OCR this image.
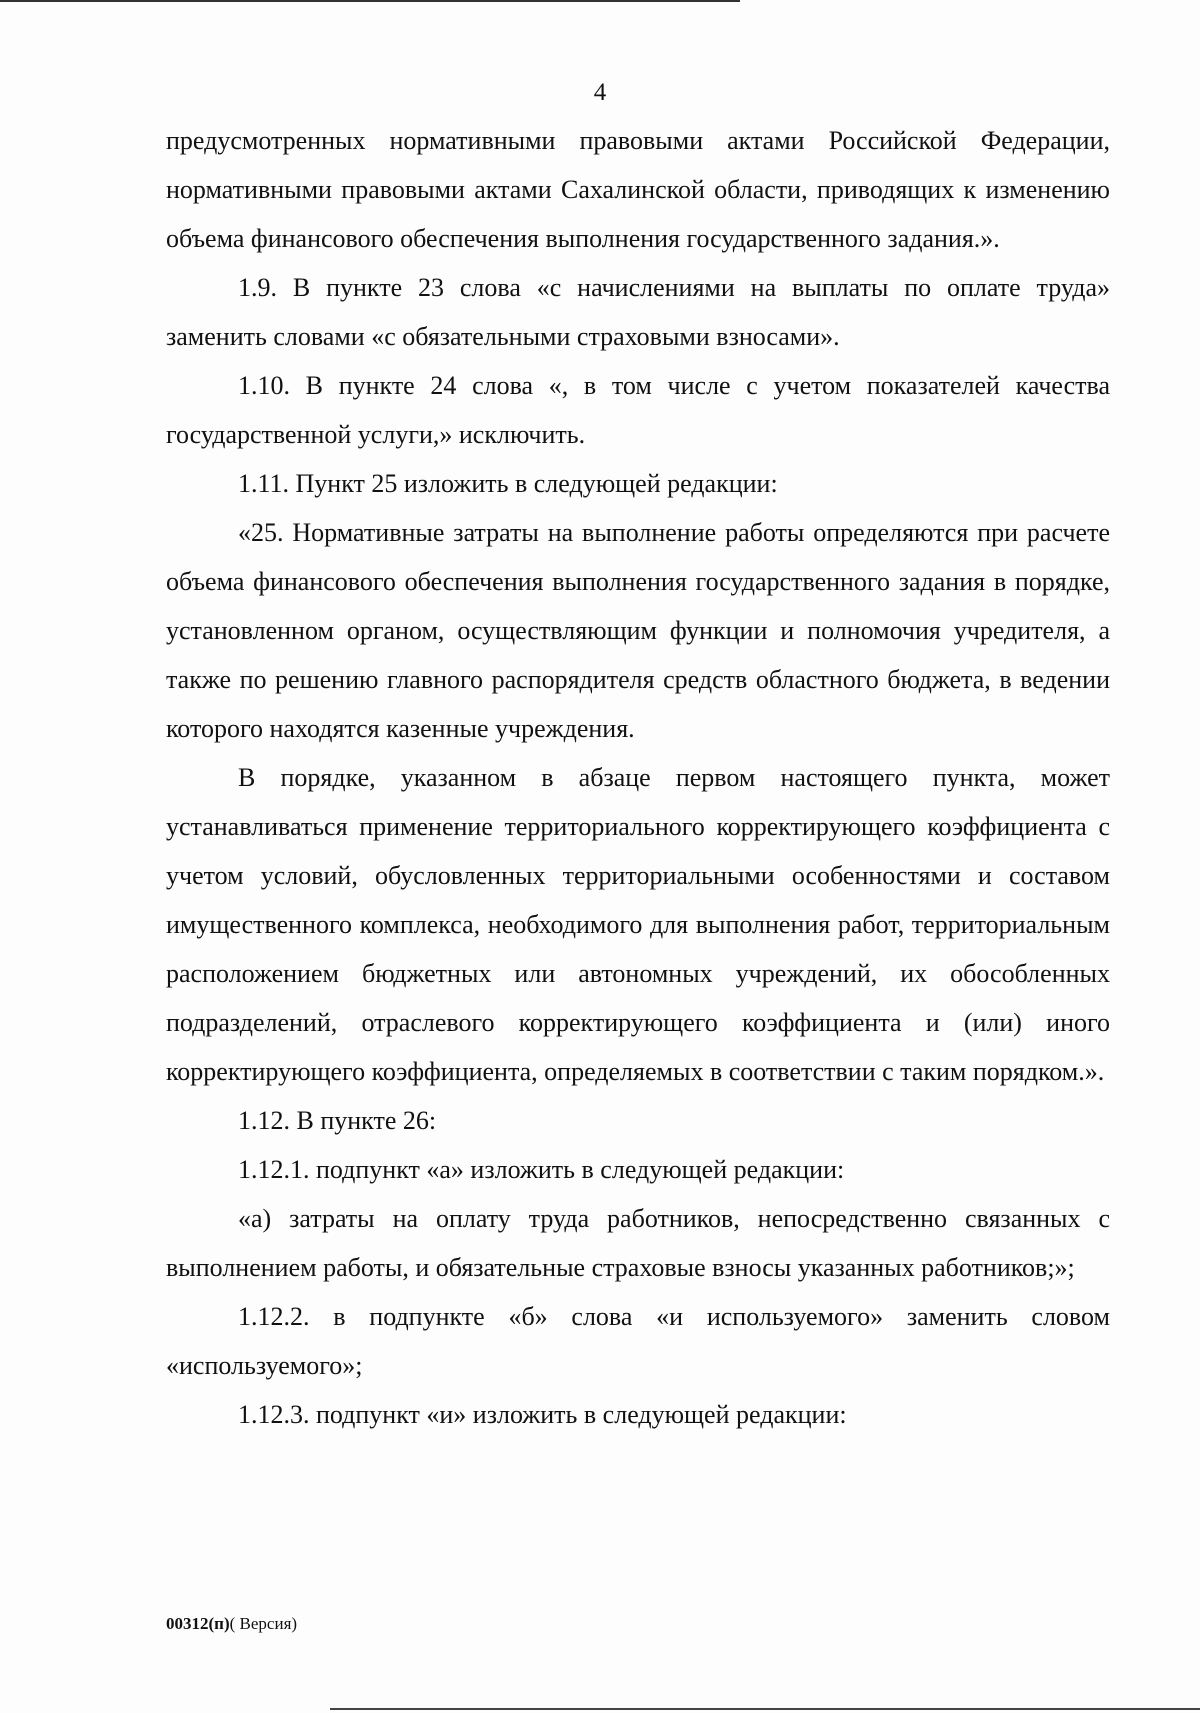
4

предусмотренных нормативными правовыми актами Российской Федерации, нормативными правовыми актами Сахалинской области, приводящих к изменению объема финансового обеспечения выполнения государственного задания.».

1.9. В пункте 23 слова «с начислениями на выплаты по оплате труда» заменить словами «с обязательными страховыми взносами».

1.10. В пункте 24 слова «, в том числе с учетом показателей качества государственной услуги,» исключить.

1.11. Пункт 25 изложить в следующей редакции:

«25. Нормативные затраты на выполнение работы определяются при расчете объема финансового обеспечения выполнения государственного задания в порядке, установленном органом, осуществляющим функции и полномочия учредителя, а также по решению главного распорядителя средств областного бюджета, в ведении которого находятся казенные учреждения.

В порядке, указанном в абзаце первом настоящего пункта, может устанавливаться применение территориального корректирующего коэффициента с учетом условий, обусловленных территориальными особенностями и составом имущественного комплекса, необходимого для выполнения работ, территориальным расположением бюджетных или автономных учреждений, их обособленных подразделений, отраслевого корректирующего коэффициента и (или) иного корректирующего коэффициента, определяемых в соответствии с таким порядком.».

1.12. В пункте 26:

1.12.1. подпункт «а» изложить в следующей редакции:

«а) затраты на оплату труда работников, непосредственно связанных с выполнением работы, и обязательные страховые взносы указанных работников;»;

1.12.2. в подпункте «б» слова «и используемого» заменить словом «используемого»;

1.12.3. подпункт «и» изложить в следующей редакции:

00312(п)( Версия)
